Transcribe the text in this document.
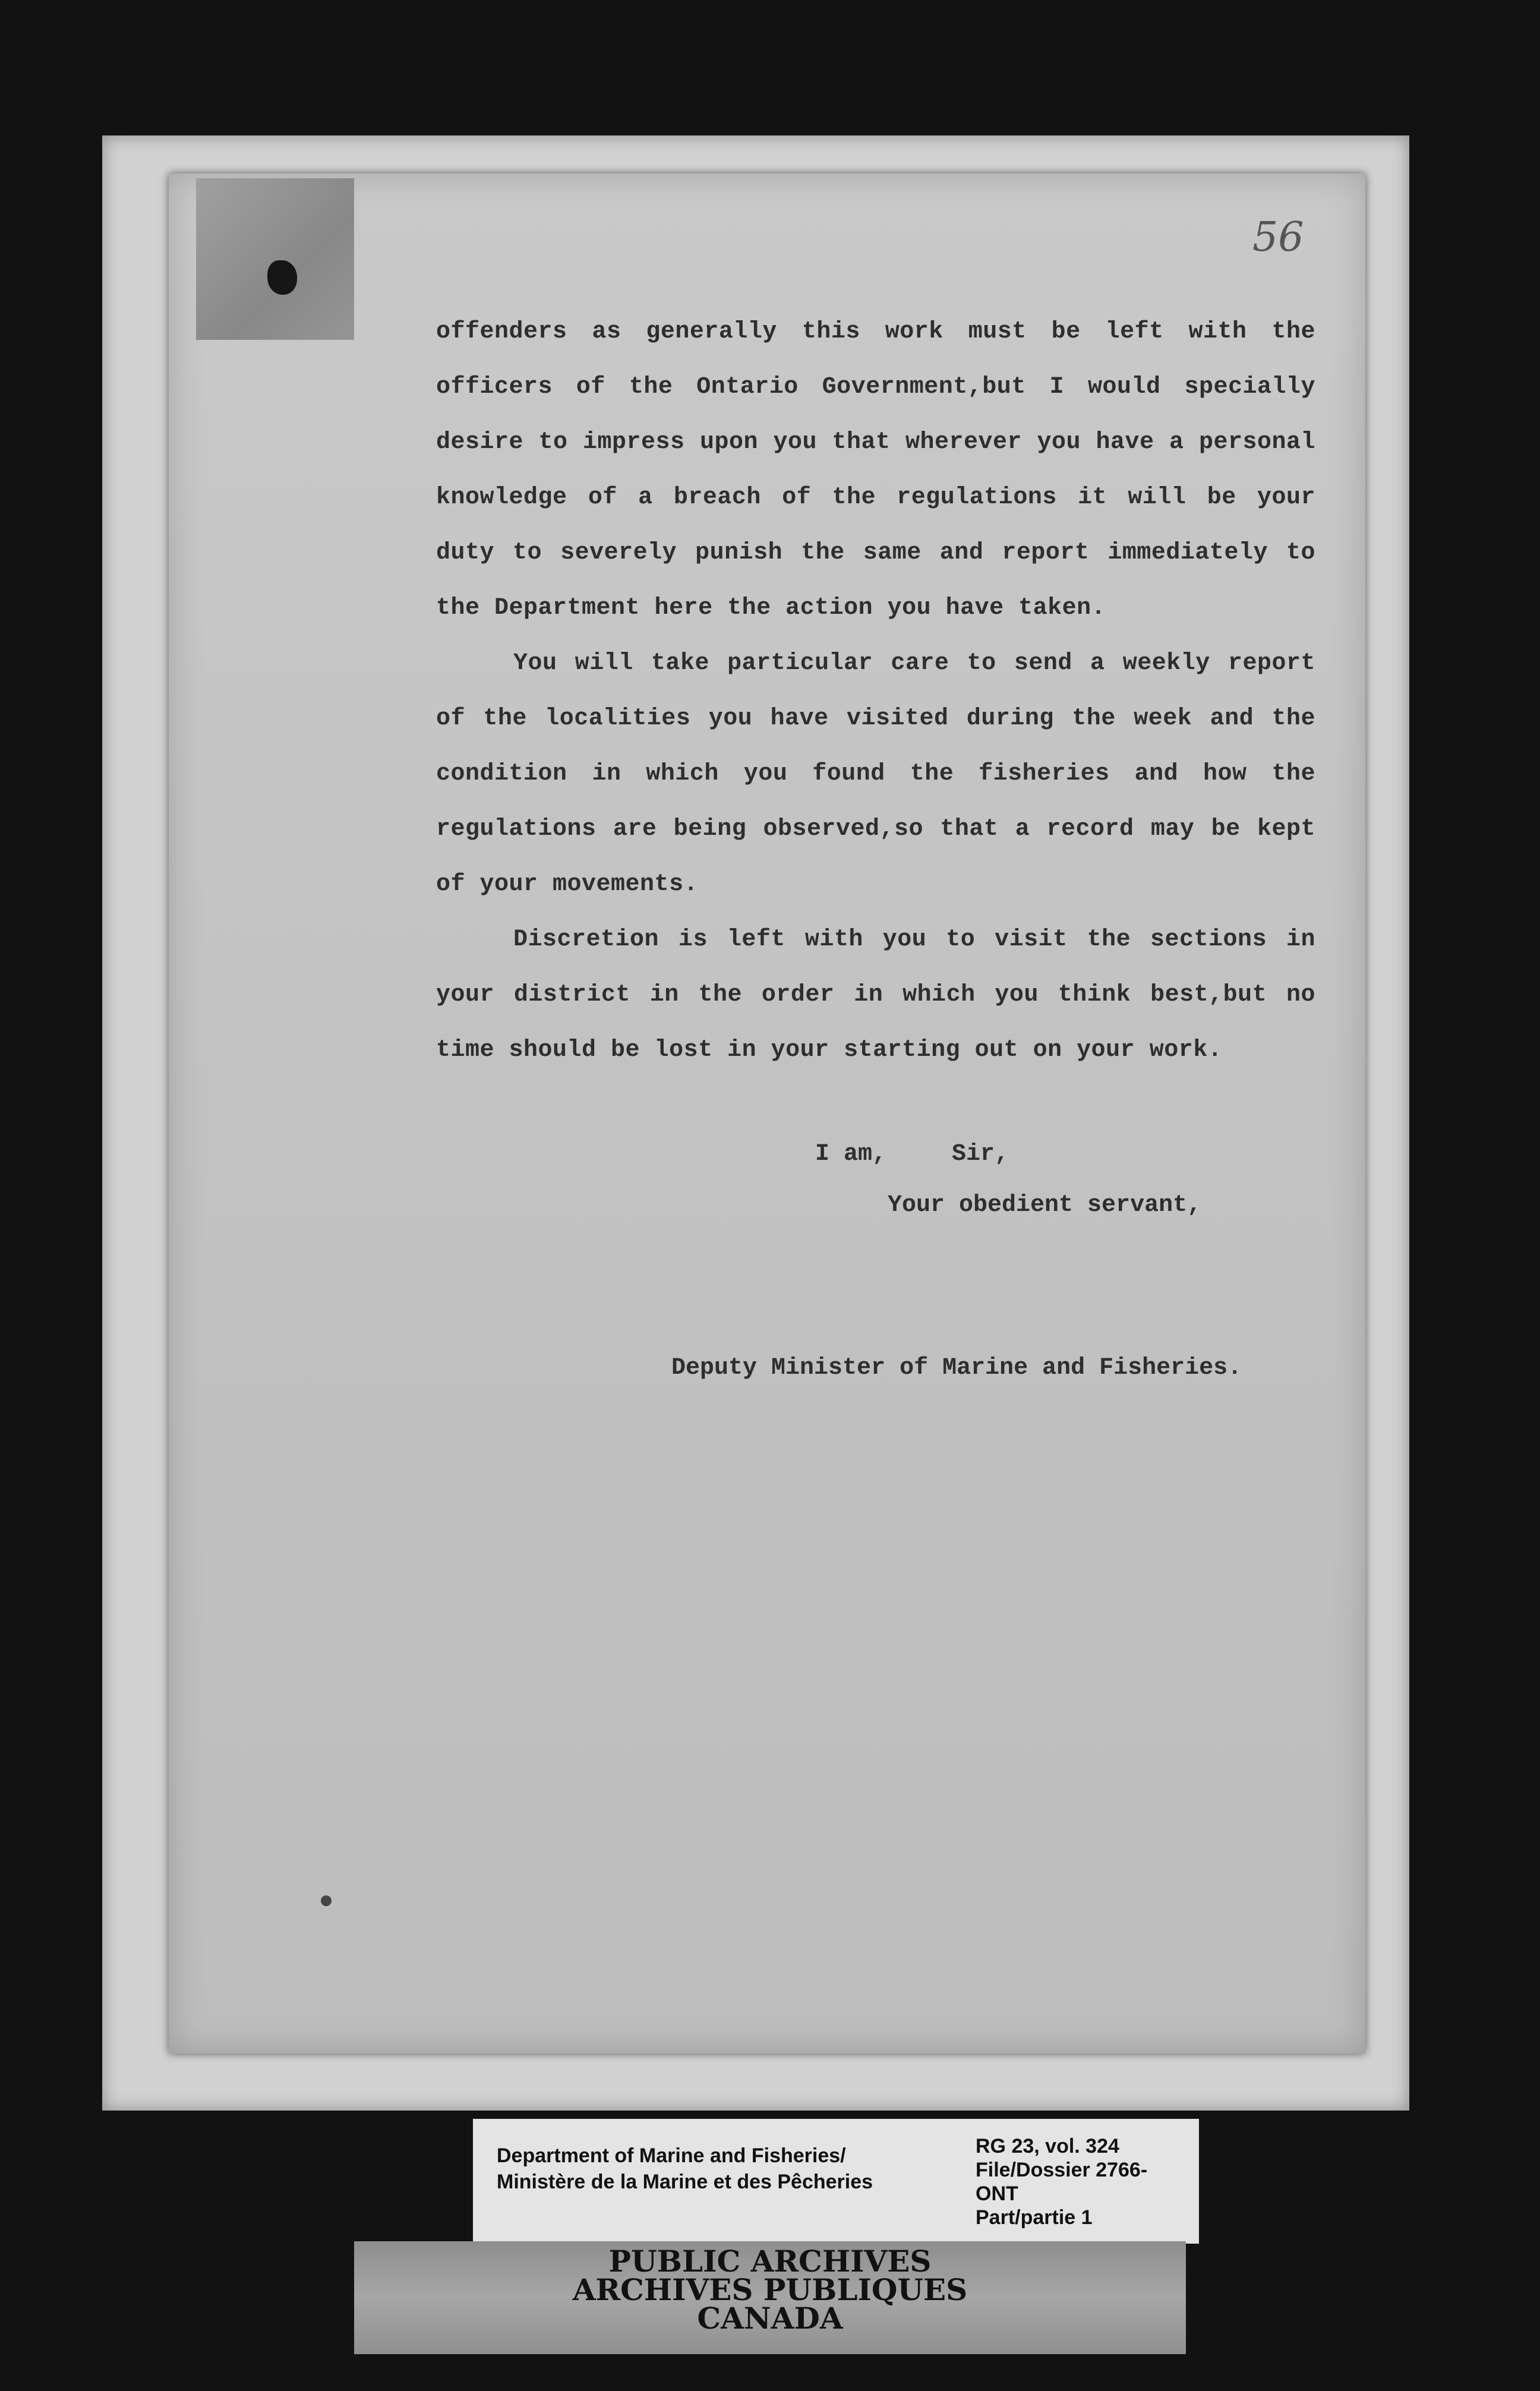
56

offenders as generally this work must be left with the officers of the Ontario Government,but I would specially desire to impress upon you that wherever you have a personal knowledge of a breach of the regulations it will be your duty to severely punish the same and report immediately to the Department here the action you have taken.

You will take particular care to send a weekly report of the localities you have visited during the week and the condition in which you found the fisheries and how the regulations are being observed,so that a record may be kept of your movements.

Discretion is left with you to visit the sections in your district in the order in which you think best,but no time should be lost in your starting out on your work.

I am,	Sir,
Your obedient servant,
Deputy Minister of Marine and Fisheries.
Department of Marine and Fisheries/
Ministère de la Marine et des Pêcheries
RG 23, vol. 324
File/Dossier 2766-
ONT
Part/partie 1
PUBLIC ARCHIVES
ARCHIVES PUBLIQUES
CANADA
